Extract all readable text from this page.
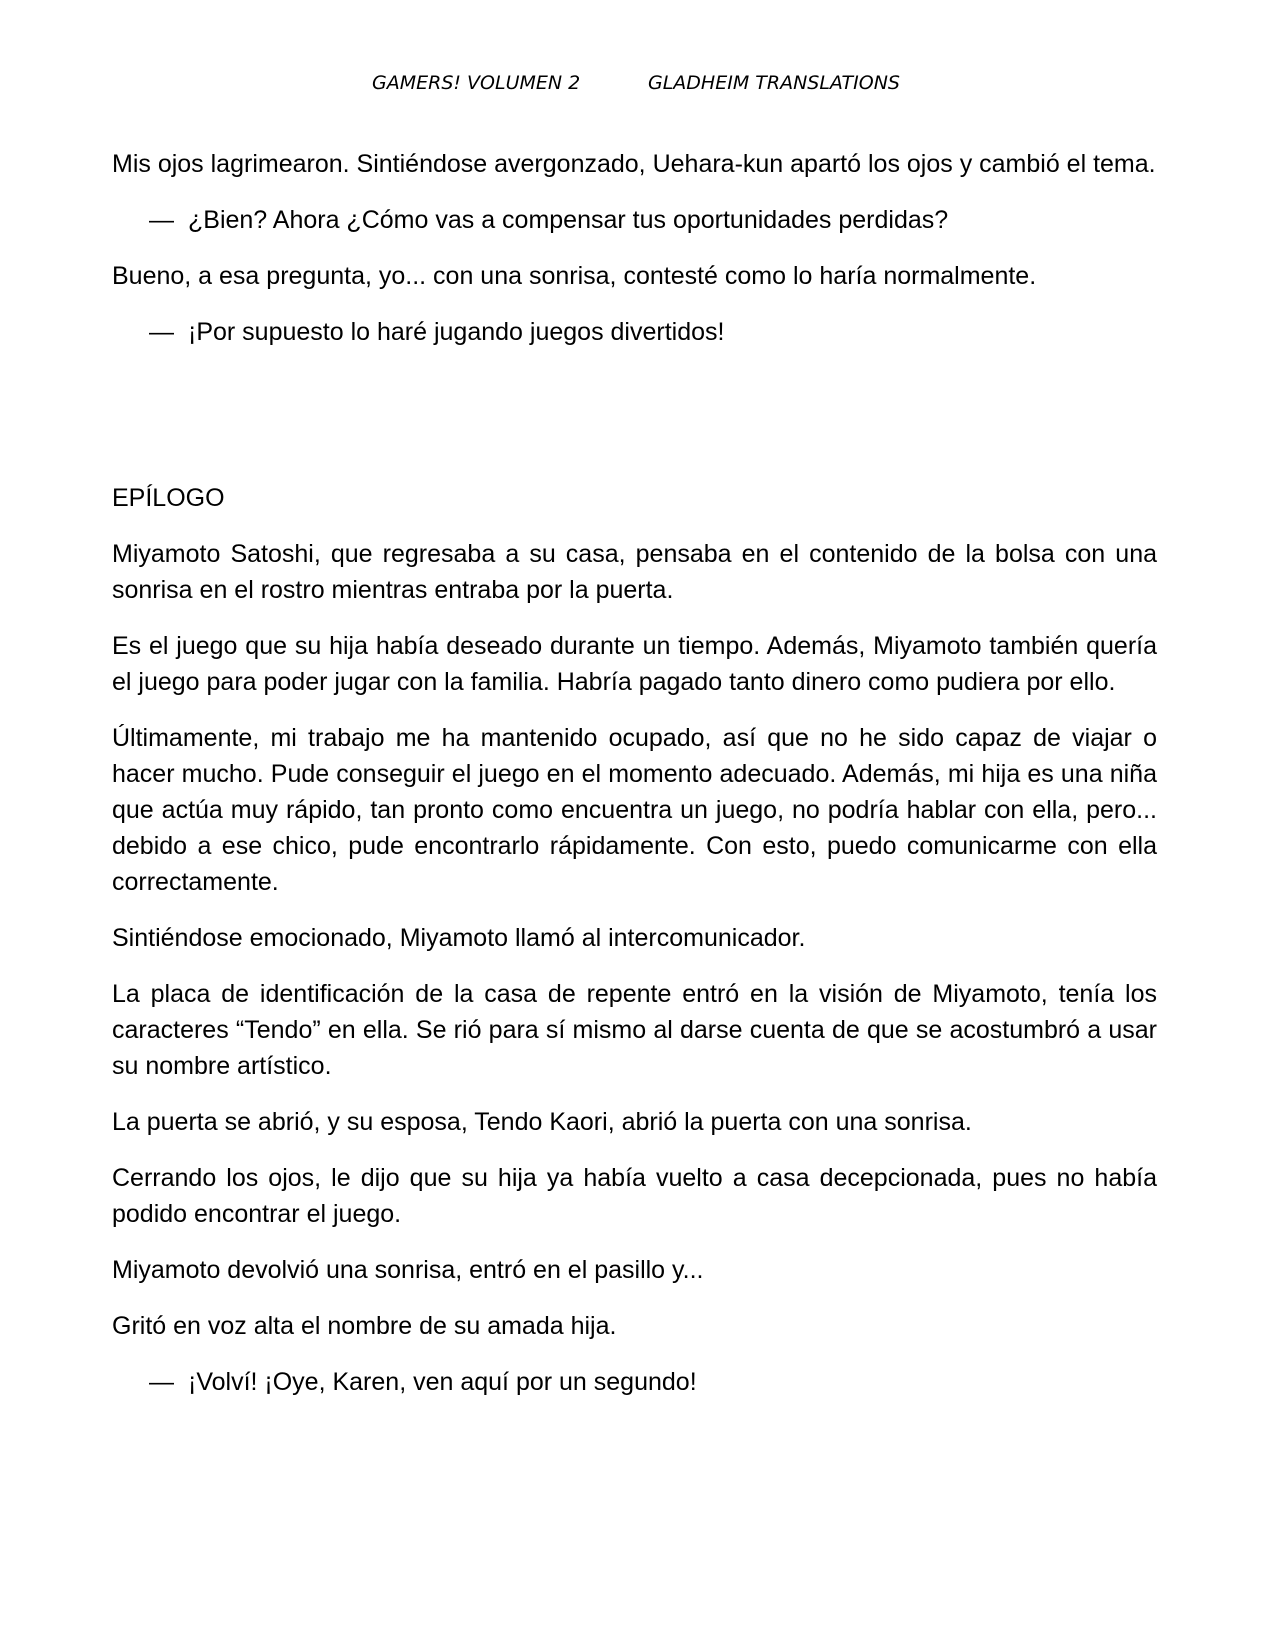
GAMERS! VOLUMEN 2	GLADHEIM TRANSLATIONS

Mis ojos lagrimearon. Sintiéndose avergonzado, Uehara-kun apartó los ojos y cambió el tema.

— ¿Bien? Ahora ¿Cómo vas a compensar tus oportunidades perdidas?

Bueno, a esa pregunta, yo... con una sonrisa, contesté como lo haría normalmente.

— ¡Por supuesto lo haré jugando juegos divertidos!
EPÍLOGO

Miyamoto Satoshi, que regresaba a su casa, pensaba en el contenido de la bolsa con una sonrisa en el rostro mientras entraba por la puerta.

Es el juego que su hija había deseado durante un tiempo. Además, Miyamoto también quería el juego para poder jugar con la familia. Habría pagado tanto dinero como pudiera por ello.

Últimamente, mi trabajo me ha mantenido ocupado, así que no he sido capaz de viajar o hacer mucho. Pude conseguir el juego en el momento adecuado. Además, mi hija es una niña que actúa muy rápido, tan pronto como encuentra un juego, no podría hablar con ella, pero... debido a ese chico, pude encontrarlo rápidamente. Con esto, puedo comunicarme con ella correctamente.

Sintiéndose emocionado, Miyamoto llamó al intercomunicador.

La placa de identificación de la casa de repente entró en la visión de Miyamoto, tenía los caracteres “Tendo” en ella. Se rió para sí mismo al darse cuenta de que se acostumbró a usar su nombre artístico.

La puerta se abrió, y su esposa, Tendo Kaori, abrió la puerta con una sonrisa.

Cerrando los ojos, le dijo que su hija ya había vuelto a casa decepcionada, pues no había podido encontrar el juego.

Miyamoto devolvió una sonrisa, entró en el pasillo y...

Gritó en voz alta el nombre de su amada hija.

— ¡Volví! ¡Oye, Karen, ven aquí por un segundo!
